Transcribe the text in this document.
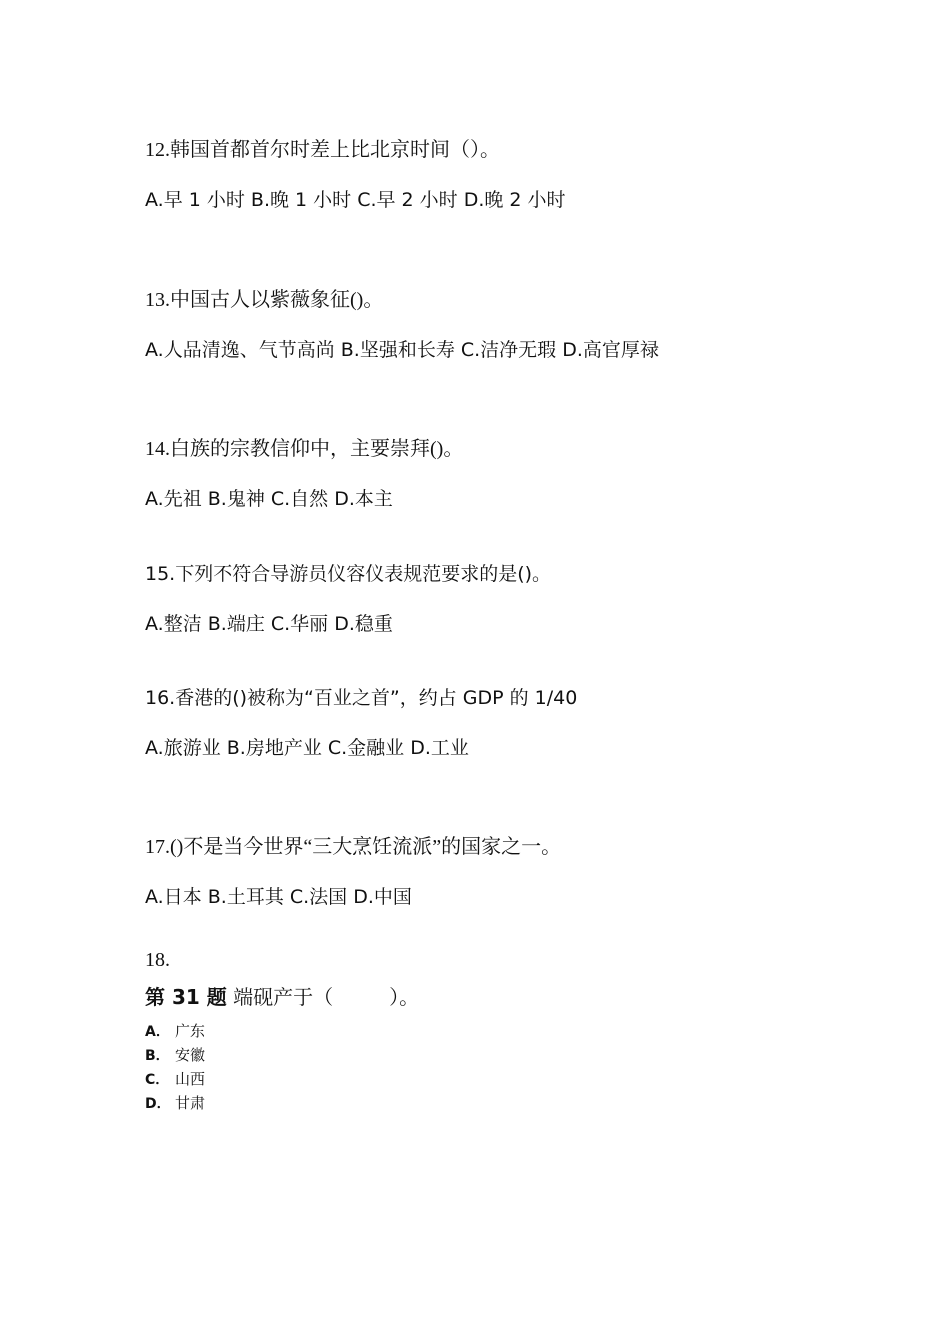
12.韩国首都首尔时差上比北京时间（）。
A.早 1 小时 B.晚 1 小时 C.早 2 小时 D.晚 2 小时
13.中国古人以紫薇象征()。
A.人品清逸、气节高尚 B.坚强和长寿 C.洁净无瑕 D.高官厚禄
14.白族的宗教信仰中，主要崇拜()。
A.先祖 B.鬼神 C.自然 D.本主
15.下列不符合导游员仪容仪表规范要求的是()。
A.整洁 B.端庄 C.华丽 D.稳重
16.香港的()被称为“百业之首”，约占 GDP 的 1/40
A.旅游业 B.房地产业 C.金融业 D.工业
17.()不是当今世界“三大烹饪流派”的国家之一。
A.日本 B.土耳其 C.法国 D.中国
18.
第 31 题 端砚产于（	）。
A． 广东
B． 安徽
C． 山西
D． 甘肃
